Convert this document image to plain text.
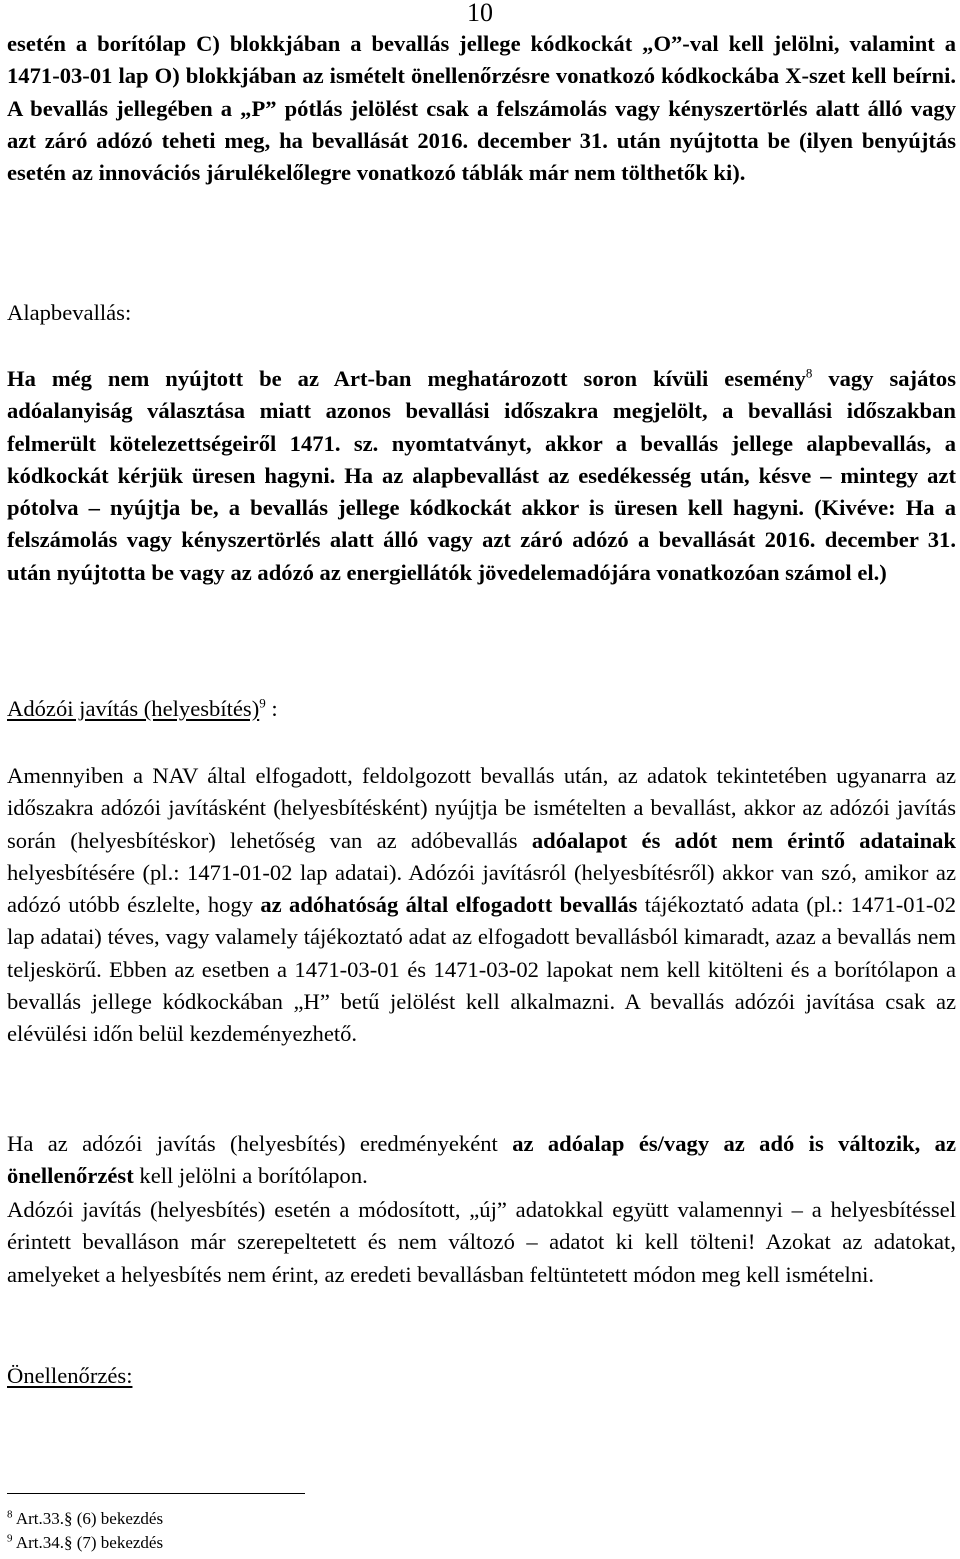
10

esetén a borítólap C) blokkjában a bevallás jellege kódkockát „O”-val kell jelölni, valamint a 1471-03-01 lap O) blokkjában az ismételt önellenőrzésre vonatkozó kódkockába X-szet kell beírni. A bevallás jellegében a „P” pótlás jelölést csak a felszámolás vagy kényszertörlés alatt álló vagy azt záró adózó teheti meg, ha bevallását 2016. december 31. után nyújtotta be (ilyen benyújtás esetén az innovációs járulékelőlegre vonatkozó táblák már nem tölthetők ki).

Alapbevallás:

Ha még nem nyújtott be az Art-ban meghatározott soron kívüli esemény$^8$ vagy sajátos adóalanyiság választása miatt azonos bevallási időszakra megjelölt, a bevallási időszakban felmerült kötelezettségeiről 1471. sz. nyomtatványt, akkor a bevallás jellege alapbevallás, a kódkockát kérjük üresen hagyni. Ha az alapbevallást az esedékesség után, késve – mintegy azt pótolva – nyújtja be, a bevallás jellege kódkockát akkor is üresen kell hagyni. (Kivéve: Ha a felszámolás vagy kényszertörlés alatt álló vagy azt záró adózó a bevallását 2016. december 31. után nyújtotta be vagy az adózó az energiellátók jövedelemadójára vonatkozóan számol el.)

Adózói javítás (helyesbítés)$^9$ :

Amennyiben a NAV által elfogadott, feldolgozott bevallás után, az adatok tekintetében ugyanarra az időszakra adózói javításként (helyesbítésként) nyújtja be ismételten a bevallást, akkor az adózói javítás során (helyesbítéskor) lehetőség van az adóbevallás adóalapot és adót nem érintő adatainak helyesbítésére (pl.: 1471-01-02 lap adatai). Adózói javításról (helyesbítésről) akkor van szó, amikor az adózó utóbb észlelte, hogy az adóhatóság által elfogadott bevallás tájékoztató adata (pl.: 1471-01-02 lap adatai) téves, vagy valamely tájékoztató adat az elfogadott bevallásból kimaradt, azaz a bevallás nem teljeskörű. Ebben az esetben a 1471-03-01 és 1471-03-02 lapokat nem kell kitölteni és a borítólapon a bevallás jellege kódkockában „H” betű jelölést kell alkalmazni. A bevallás adózói javítása csak az elévülési időn belül kezdeményezhető.

Ha az adózói javítás (helyesbítés) eredményeként az adóalap és/vagy az adó is változik, az önellenőrzést kell jelölni a borítólapon.

Adózói javítás (helyesbítés) esetén a módosított, „új” adatokkal együtt valamennyi – a helyesbítéssel érintett bevalláson már szerepeltetett és nem változó – adatot ki kell tölteni! Azokat az adatokat, amelyeket a helyesbítés nem érint, az eredeti bevallásban feltüntetett módon meg kell ismételni.

Önellenőrzés:

$^8$ Art.33.§ (6) bekezdés

$^9$ Art.34.§ (7) bekezdés
